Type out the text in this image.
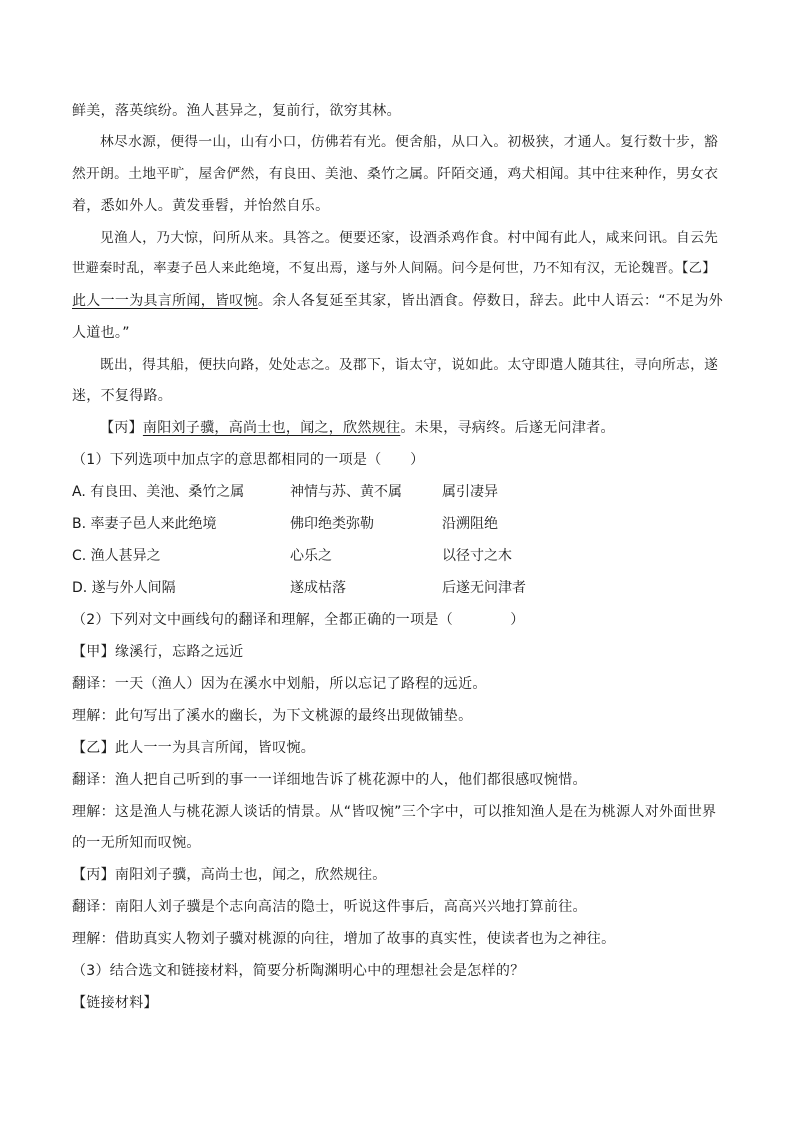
鲜美，落英缤纷。渔人甚异之，复前行，欲穷其林。
林尽水源，便得一山，山有小口，仿佛若有光。便舍船，从口入。初极狭，才通人。复行数十步，豁
然开朗。土地平旷，屋舍俨然，有良田、美池、桑竹之属。阡陌交通，鸡犬相闻。其中往来种作，男女衣
着，悉如外人。黄发垂髫，并怡然自乐。
见渔人，乃大惊，问所从来。具答之。便要还家，设酒杀鸡作食。村中闻有此人，咸来问讯。自云先
世避秦时乱，率妻子邑人来此绝境，不复出焉，遂与外人间隔。问今是何世，乃不知有汉，无论魏晋。【乙】
此人一一为具言所闻，皆叹惋。余人各复延至其家，皆出酒食。停数日，辞去。此中人语云：“不足为外
人道也。”
既出，得其船，便扶向路，处处志之。及郡下，诣太守，说如此。太守即遣人随其往，寻向所志，遂
迷，不复得路。
【丙】南阳刘子骥，高尚士也，闻之，欣然规往。未果，寻病终。后遂无问津者。
（1）下列选项中加点字的意思都相同的一项是（　　）
A. 有良田、美池、桑竹之属	神情与苏、黄不属	属引凄异
B. 率妻子邑人来此绝境	佛印绝类弥勒	沿溯阻绝
C. 渔人甚异之	心乐之	以径寸之木
D. 遂与外人间隔	遂成枯落	后遂无问津者
（2）下列对文中画线句的翻译和理解，全都正确的一项是（　　　　）
【甲】缘溪行，忘路之远近
翻译：一天（渔人）因为在溪水中划船，所以忘记了路程的远近。
理解：此句写出了溪水的幽长，为下文桃源的最终出现做铺垫。
【乙】此人一一为具言所闻，皆叹惋。
翻译：渔人把自己听到的事一一详细地告诉了桃花源中的人，他们都很感叹惋惜。
理解：这是渔人与桃花源人谈话的情景。从“皆叹惋”三个字中，可以推知渔人是在为桃源人对外面世界
的一无所知而叹惋。
【丙】南阳刘子骥，高尚士也，闻之，欣然规往。
翻译：南阳人刘子骥是个志向高洁的隐士，听说这件事后，高高兴兴地打算前往。
理解：借助真实人物刘子骥对桃源的向往，增加了故事的真实性，使读者也为之神往。
（3）结合选文和链接材料，简要分析陶渊明心中的理想社会是怎样的？
【链接材料】
